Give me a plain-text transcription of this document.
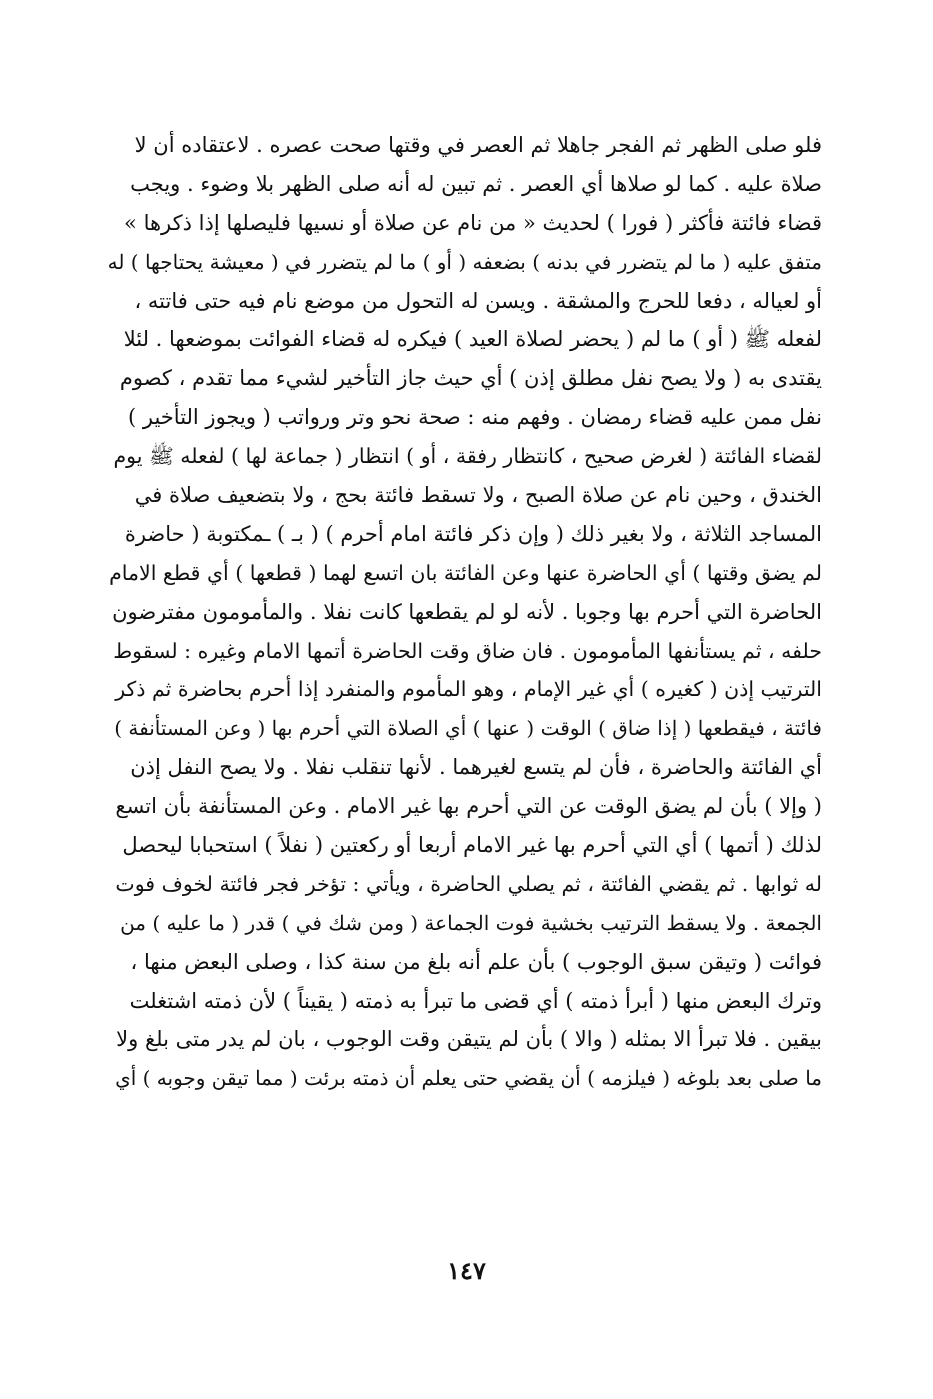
فلو صلى الظهر ثم الفجر جاهلا ثم العصر في وقتها صحت عصره . لاعتقاده أن لا
صلاة عليه . كما لو صلاها أي العصر . ثم تبين له أنه صلى الظهر بلا وضوء . ويجب
قضاء فائتة فأكثر ( فورا ) لحديث « من نام عن صلاة أو نسيها فليصلها إذا ذكرها »
متفق عليه ( ما لم يتضرر في بدنه ) بضعفه ( أو ) ما لم يتضرر في ( معيشة يحتاجها ) له
أو لعياله ، دفعا للحرج والمشقة . ويسن له التحول من موضع نام فيه حتى فاتته ،
لفعله ﷺ ( أو ) ما لم ( يحضر لصلاة العيد ) فيكره له قضاء الفوائت بموضعها . لئلا
يقتدى به ( ولا يصح نفل مطلق إذن ) أي حيث جاز التأخير لشيء مما تقدم ، كصوم
نفل ممن عليه قضاء رمضان . وفهم منه : صحة نحو وتر ورواتب ( ويجوز التأخير )
لقضاء الفائتة ( لغرض صحيح ، كانتظار رفقة ، أو ) انتظار ( جماعة لها ) لفعله ﷺ يوم
الخندق ، وحين نام عن صلاة الصبح ، ولا تسقط فائتة بحج ، ولا بتضعيف صلاة في
المساجد الثلاثة ، ولا بغير ذلك ( وإن ذكر فائتة امام أحرم ) ( بـ ) ـمكتوبة ( حاضرة
لم يضق وقتها ) أي الحاضرة عنها وعن الفائتة بان اتسع لهما ( قطعها ) أي قطع الامام
الحاضرة التي أحرم بها وجوبا . لأنه لو لم يقطعها كانت نفلا . والمأمومون مفترضون
حلفه ، ثم يستأنفها المأمومون . فان ضاق وقت الحاضرة أتمها الامام وغيره : لسقوط
الترتيب إذن ( كغيره ) أي غير الإمام ، وهو المأموم والمنفرد إذا أحرم بحاضرة ثم ذكر
فائتة ، فيقطعها ( إذا ضاق ) الوقت ( عنها ) أي الصلاة التي أحرم بها ( وعن المستأنفة )
أي الفائتة والحاضرة ، فأن لم يتسع لغيرهما . لأنها تنقلب نفلا . ولا يصح النفل إذن
( وإلا ) بأن لم يضق الوقت عن التي أحرم بها غير الامام . وعن المستأنفة بأن اتسع
لذلك ( أتمها ) أي التي أحرم بها غير الامام أربعا أو ركعتين ( نفلاً ) استحبابا ليحصل
له ثوابها . ثم يقضي الفائتة ، ثم يصلي الحاضرة ، ويأتي : تؤخر فجر فائتة لخوف فوت
الجمعة . ولا يسقط الترتيب بخشية فوت الجماعة ( ومن شك في ) قدر ( ما عليه ) من
فوائت ( وتيقن سبق الوجوب ) بأن علم أنه بلغ من سنة كذا ، وصلى البعض منها ،
وترك البعض منها ( أبرأ ذمته ) أي قضى ما تبرأ به ذمته ( يقيناً ) لأن ذمته اشتغلت
بيقين . فلا تبرأ الا بمثله ( والا ) بأن لم يتيقن وقت الوجوب ، بان لم يدر متى بلغ ولا
ما صلى بعد بلوغه ( فيلزمه ) أن يقضي حتى يعلم أن ذمته برئت ( مما تيقن وجوبه ) أي
١٤٧
